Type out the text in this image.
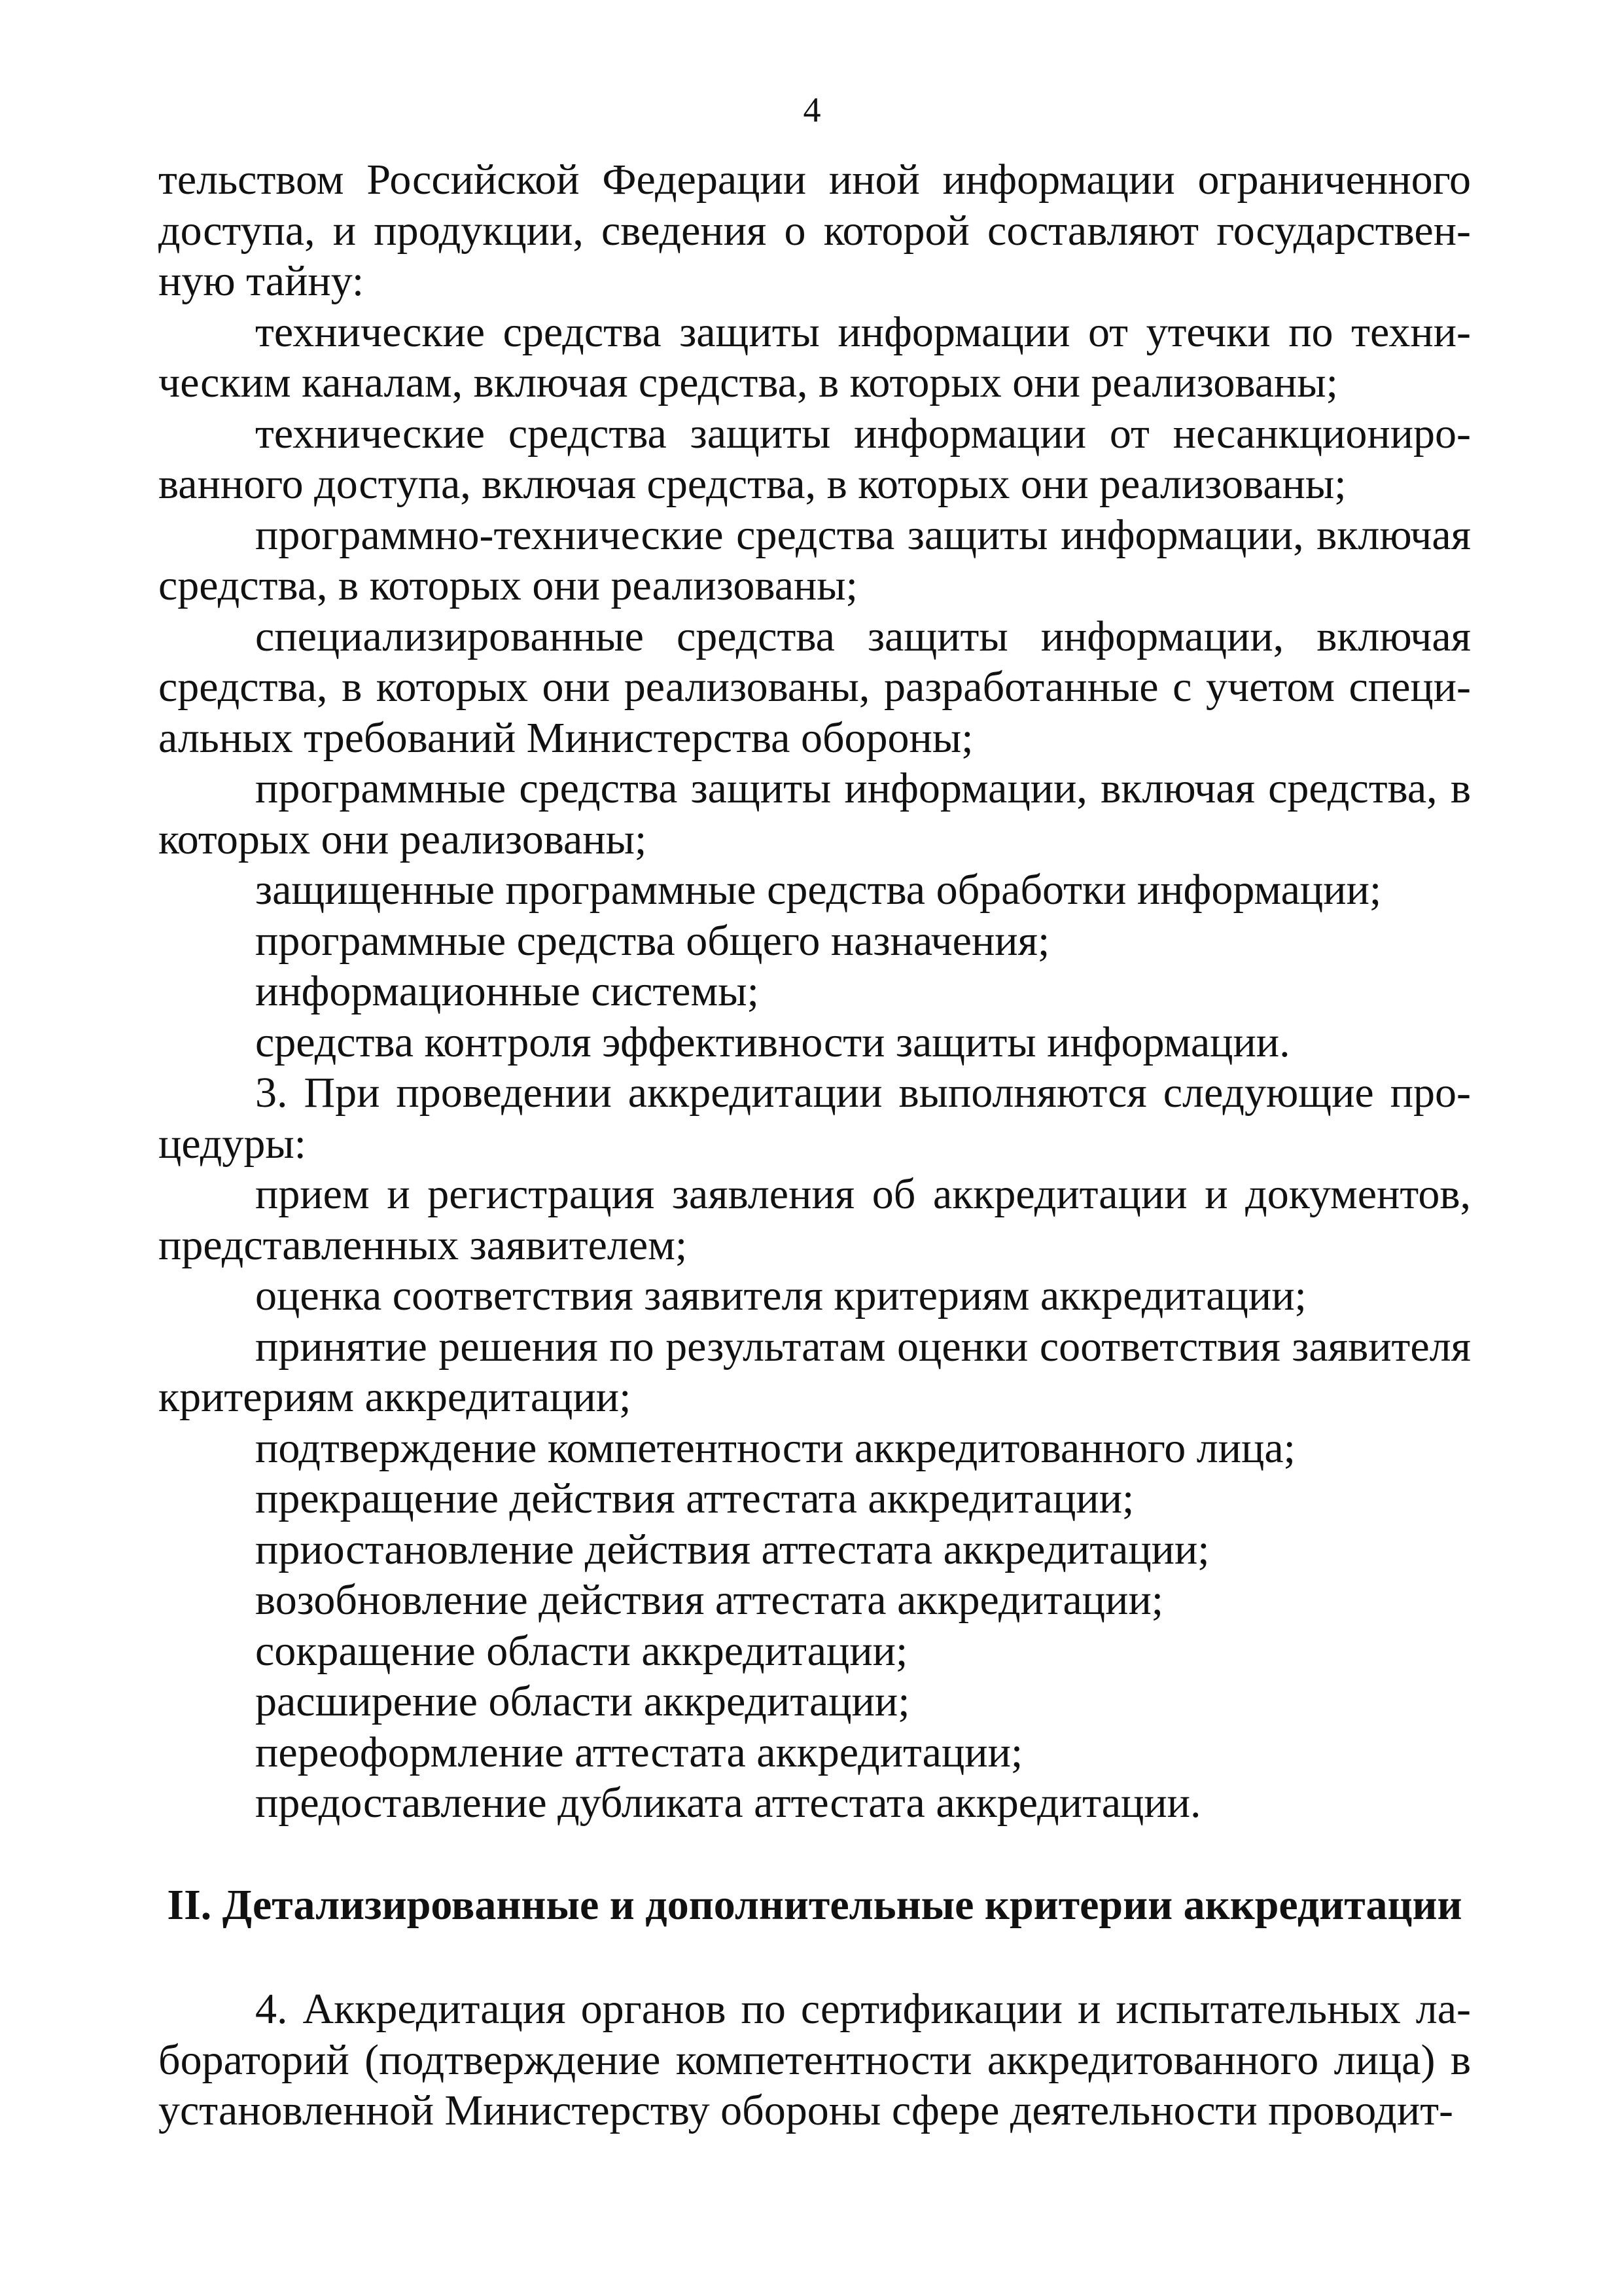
4

тельством Российской Федерации иной информации ограниченного доступа, и продукции, сведения о которой составляют государствен-ную тайну:

технические средства защиты информации от утечки по техни-ческим каналам, включая средства, в которых они реализованы;

технические средства защиты информации от несанкциониро-ванного доступа, включая средства, в которых они реализованы;

программно-технические средства защиты информации, включая средства, в которых они реализованы;

специализированные средства защиты информации, включая средства, в которых они реализованы, разработанные с учетом специ-альных требований Министерства обороны;

программные средства защиты информации, включая средства, в которых они реализованы;

защищенные программные средства обработки информации;

программные средства общего назначения;

информационные системы;

средства контроля эффективности защиты информации.

3. При проведении аккредитации выполняются следующие про-цедуры:

прием и регистрация заявления об аккредитации и документов, представленных заявителем;

оценка соответствия заявителя критериям аккредитации;

принятие решения по результатам оценки соответствия заявителя критериям аккредитации;

подтверждение компетентности аккредитованного лица;

прекращение действия аттестата аккредитации;

приостановление действия аттестата аккредитации;

возобновление действия аттестата аккредитации;

сокращение области аккредитации;

расширение области аккредитации;

переоформление аттестата аккредитации;

предоставление дубликата аттестата аккредитации.

II. Детализированные и дополнительные критерии аккредитации

4. Аккредитация органов по сертификации и испытательных ла-бораторий (подтверждение компетентности аккредитованного лица) в установленной Министерству обороны сфере деятельности проводит-
